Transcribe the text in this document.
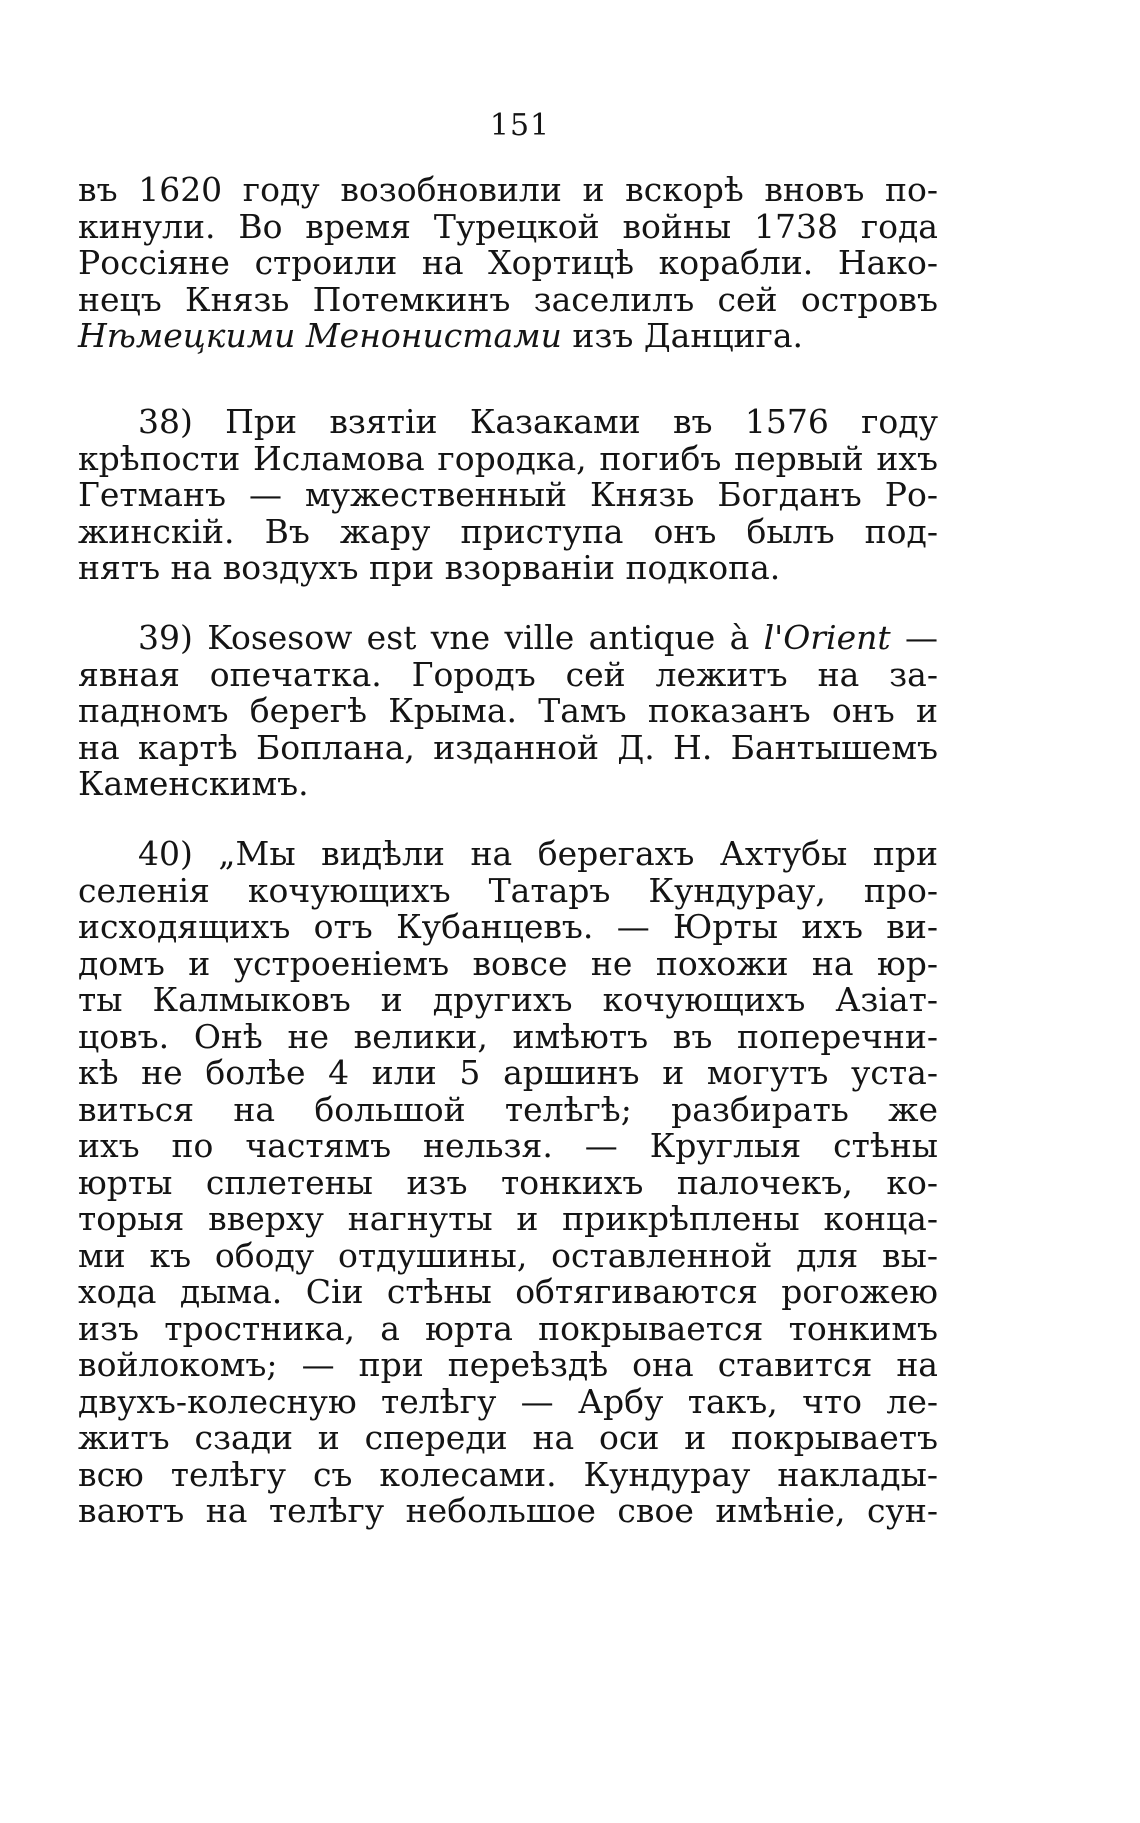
151
въ 1620 году возобновили и вскорѣ вновъ по-
кинули. Во время Турецкой войны 1738 года
Россіяне строили на Хортицѣ корабли. Нако-
нецъ Князь Потемкинъ заселилъ сей островъ
Нѣмецкими Менонистами изъ Данцига.
38) При взятіи Казаками въ 1576 году
крѣпости Исламова городка, погибъ первый ихъ
Гетманъ — мужественный Князь Богданъ Ро-
жинскій. Въ жару приступа онъ былъ под-
нятъ на воздухъ при взорваніи подкопа.
39) Kosesow est vne ville antique à l'Orient —
явная опечатка. Городъ сей лежитъ на за-
падномъ берегѣ Крыма. Тамъ показанъ онъ и
на картѣ Боплана, изданной Д. Н. Бантышемъ
Каменскимъ.
40) „Мы видѣли на берегахъ Ахтубы при
селенія кочующихъ Татаръ Кундурау, про-
исходящихъ отъ Кубанцевъ. — Юрты ихъ ви-
домъ и устроеніемъ вовсе не похожи на юр-
ты Калмыковъ и другихъ кочующихъ Азіат-
цовъ. Онѣ не велики, имѣютъ въ поперечни-
кѣ не болѣе 4 или 5 аршинъ и могутъ уста-
виться на большой телѣгѣ; разбирать же
ихъ по частямъ нельзя. — Круглыя стѣны
юрты сплетены изъ тонкихъ палочекъ, ко-
торыя вверху нагнуты и прикрѣплены конца-
ми къ ободу отдушины, оставленной для вы-
хода дыма. Сіи стѣны обтягиваются рогожею
изъ тростника, а юрта покрывается тонкимъ
войлокомъ; — при переѣздѣ она ставится на
двухъ-колесную телѣгу — Арбу такъ, что ле-
житъ сзади и спереди на оси и покрываетъ
всю телѣгу съ колесами. Кундурау наклады-
ваютъ на телѣгу небольшое свое имѣніе, сун-
